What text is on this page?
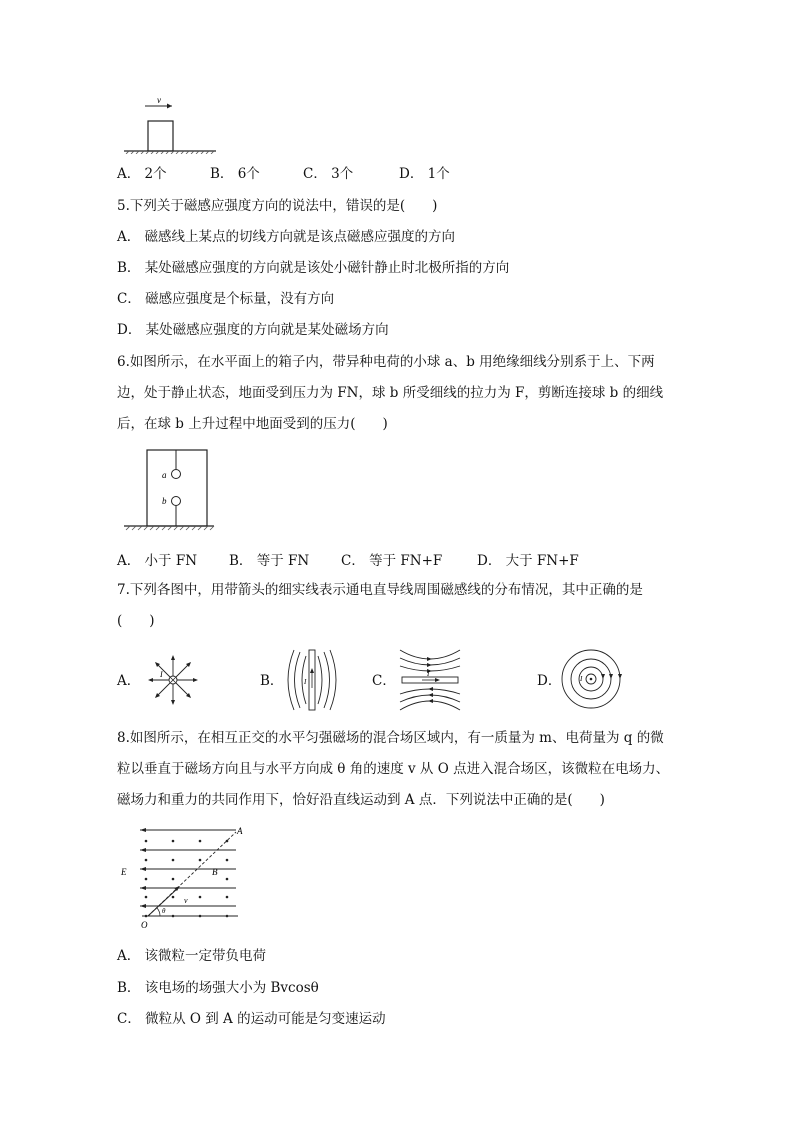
v
A． 2个	B． 6个	C． 3个	D． 1个
5.下列关于磁感应强度方向的说法中，错误的是(　　)
A． 磁感线上某点的切线方向就是该点磁感应强度的方向
B． 某处磁感应强度的方向就是该处小磁针静止时北极所指的方向
C． 磁感应强度是个标量，没有方向
D． 某处磁感应强度的方向就是某处磁场方向
6.如图所示，在水平面上的箱子内，带异种电荷的小球 a、b 用绝缘细线分别系于上、下两
边，处于静止状态，地面受到压力为 FN，球 b 所受细线的拉力为 F，剪断连接球 b 的细线
后，在球 b 上升过程中地面受到的压力(　　)
a
b
A． 小于 FN B． 等于 FN C． 等于 FN+F	D． 大于 FN+F
7.下列各图中，用带箭头的细实线表示通电直导线周围磁感线的分布情况，其中正确的是
(　　)
A． I	B．	I	C．	I	D．	I
8.如图所示，在相互正交的水平匀强磁场的混合场区域内，有一质量为 m、电荷量为 q 的微
粒以垂直于磁场方向且与水平方向成 θ 角的速度 v 从 O 点进入混合场区，该微粒在电场力、
磁场力和重力的共同作用下，恰好沿直线运动到 A 点．下列说法中正确的是(　　)
A
B
E
O
v
θ
A． 该微粒一定带负电荷
B． 该电场的场强大小为 Bvcosθ
C． 微粒从 O 到 A 的运动可能是匀变速运动
